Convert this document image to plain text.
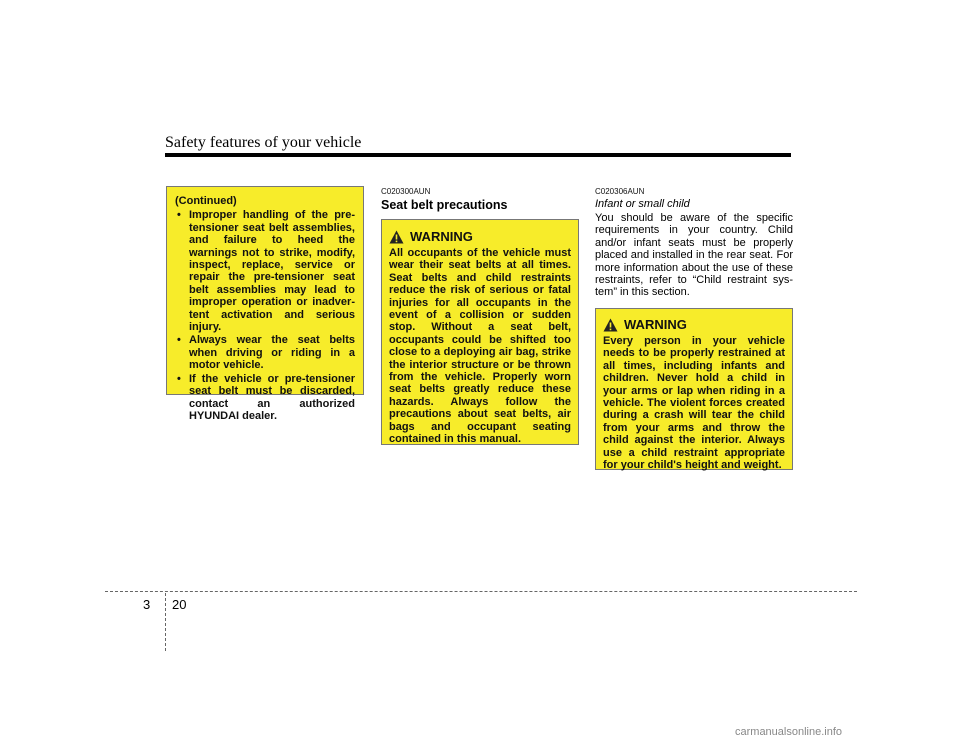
Safety features of your vehicle
(Continued)
• Improper handling of the pre-tensioner seat belt assemblies, and failure to heed the warnings not to strike, modify, inspect, replace, service or repair the pre-tensioner seat belt assemblies may lead to improper operation or inadvertent activation and serious injury.
• Always wear the seat belts when driving or riding in a motor vehicle.
• If the vehicle or pre-tensioner seat belt must be discarded, contact an authorized HYUNDAI dealer.
C020300AUN
Seat belt precautions
WARNING
All occupants of the vehicle must wear their seat belts at all times. Seat belts and child restraints reduce the risk of serious or fatal injuries for all occupants in the event of a collision or sudden stop. Without a seat belt, occupants could be shifted too close to a deploying air bag, strike the interior structure or be thrown from the vehicle. Properly worn seat belts greatly reduce these hazards. Always follow the precautions about seat belts, air bags and occupant seating contained in this manual.
C020306AUN
Infant or small child
You should be aware of the specific requirements in your country. Child and/or infant seats must be properly placed and installed in the rear seat. For more information about the use of these restraints, refer to “Child restraint system” in this section.
WARNING
Every person in your vehicle needs to be properly restrained at all times, including infants and children. Never hold a child in your arms or lap when riding in a vehicle. The violent forces created during a crash will tear the child from your arms and throw the child against the interior. Always use a child restraint appropriate for your child's height and weight.
3 20
carmanualsonline.info
